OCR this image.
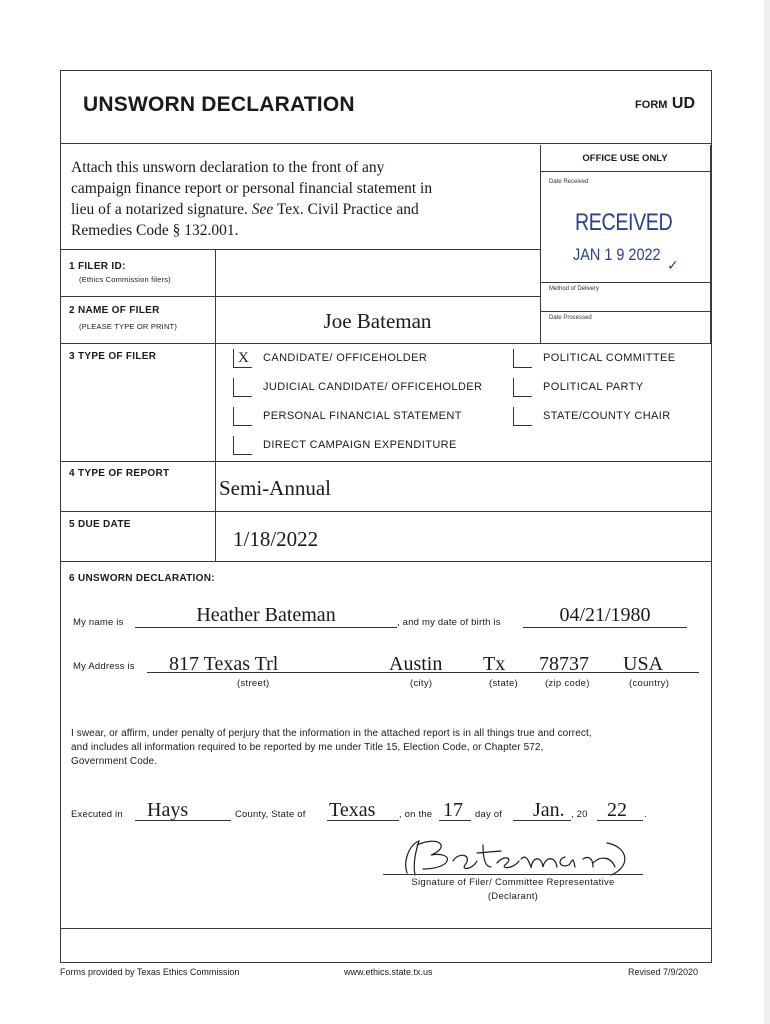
UNSWORN DECLARATION	FORM UD
Attach this unsworn declaration to the front of any
campaign finance report or personal financial statement in
lieu of a notarized signature. See Tex. Civil Practice and
Remedies Code § 132.001.
OFFICE USE ONLY
Date Received
RECEIVED
JAN 1 9 2022
✓
Method of Delivery
Date Processed
1 FILER ID:
(Ethics Commission filers)
2 NAME OF FILER
(PLEASE TYPE OR PRINT)	Joe Bateman
3 TYPE OF FILER	X CANDIDATE/ OFFICEHOLDER
JUDICIAL CANDIDATE/ OFFICEHOLDER
PERSONAL FINANCIAL STATEMENT
DIRECT CAMPAIGN EXPENDITURE
POLITICAL COMMITTEE
POLITICAL PARTY
STATE/COUNTY CHAIR
4 TYPE OF REPORT
Semi-Annual
5 DUE DATE
1/18/2022
6 UNSWORN DECLARATION:
My name is	Heather Bateman	, and my date of birth is	04/21/1980
My Address is 817 Texas Trl	Austin Tx 78737 USA
(street)	(city)	(state)	(zip code)	(country)
I swear, or affirm, under penalty of perjury that the information in the attached report is in all things true and correct,
and includes all information required to be reported by me under Title 15, Election Code, or Chapter 572,
Government Code.
Executed in Hays	County, State of Texas , on the 17 day of Jan. , 20 22 .
Signature of Filer/ Committee Representative
(Declarant)
Forms provided by Texas Ethics Commission	www.ethics.state.tx.us	Revised 7/9/2020
